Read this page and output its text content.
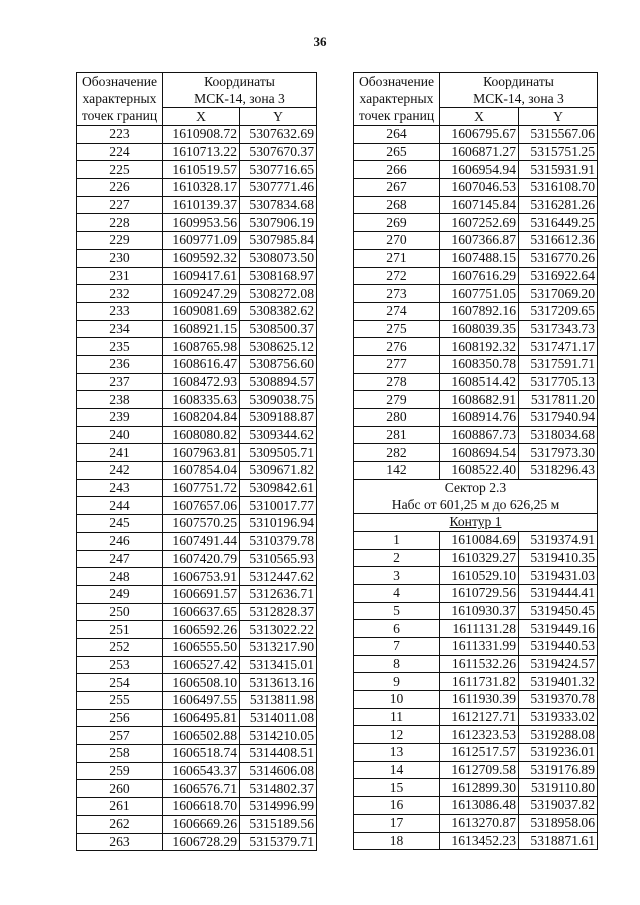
36
Обозначение	Координаты	
характерных	МСК-14, зона 3	
точек границ	X	Y
223	1610908.72	5307632.69
224	1610713.22	5307670.37
225	1610519.57	5307716.65
226	1610328.17	5307771.46
227	1610139.37	5307834.68
228	1609953.56	5307906.19
229	1609771.09	5307985.84
230	1609592.32	5308073.50
231	1609417.61	5308168.97
232	1609247.29	5308272.08
233	1609081.69	5308382.62
234	1608921.15	5308500.37
235	1608765.98	5308625.12
236	1608616.47	5308756.60
237	1608472.93	5308894.57
238	1608335.63	5309038.75
239	1608204.84	5309188.87
240	1608080.82	5309344.62
241	1607963.81	5309505.71
242	1607854.04	5309671.82
243	1607751.72	5309842.61
244	1607657.06	5310017.77
245	1607570.25	5310196.94
246	1607491.44	5310379.78
247	1607420.79	5310565.93
248	1606753.91	5312447.62
249	1606691.57	5312636.71
250	1606637.65	5312828.37
251	1606592.26	5313022.22
252	1606555.50	5313217.90
253	1606527.42	5313415.01
254	1606508.10	5313613.16
255	1606497.55	5313811.98
256	1606495.81	5314011.08
257	1606502.88	5314210.05
258	1606518.74	5314408.51
259	1606543.37	5314606.08
260	1606576.71	5314802.37
261	1606618.70	5314996.99
262	1606669.26	5315189.56
263	1606728.29	5315379.71
Обозначение	Координаты	
характерных	МСК-14, зона 3	
точек границ	X	Y
264	1606795.67	5315567.06
265	1606871.27	5315751.25
266	1606954.94	5315931.91
267	1607046.53	5316108.70
268	1607145.84	5316281.26
269	1607252.69	5316449.25
270	1607366.87	5316612.36
271	1607488.15	5316770.26
272	1607616.29	5316922.64
273	1607751.05	5317069.20
274	1607892.16	5317209.65
275	1608039.35	5317343.73
276	1608192.32	5317471.17
277	1608350.78	5317591.71
278	1608514.42	5317705.13
279	1608682.91	5317811.20
280	1608914.76	5317940.94
281	1608867.73	5318034.68
282	1608694.54	5317973.30
142	1608522.40	5318296.43
Сектор 2.3		
Набс от 601,25 м до 626,25 м		
Контур 1		
1	1610084.69	5319374.91
2	1610329.27	5319410.35
3	1610529.10	5319431.03
4	1610729.56	5319444.41
5	1610930.37	5319450.45
6	1611131.28	5319449.16
7	1611331.99	5319440.53
8	1611532.26	5319424.57
9	1611731.82	5319401.32
10	1611930.39	5319370.78
11	1612127.71	5319333.02
12	1612323.53	5319288.08
13	1612517.57	5319236.01
14	1612709.58	5319176.89
15	1612899.30	5319110.80
16	1613086.48	5319037.82
17	1613270.87	5318958.06
18	1613452.23	5318871.61
